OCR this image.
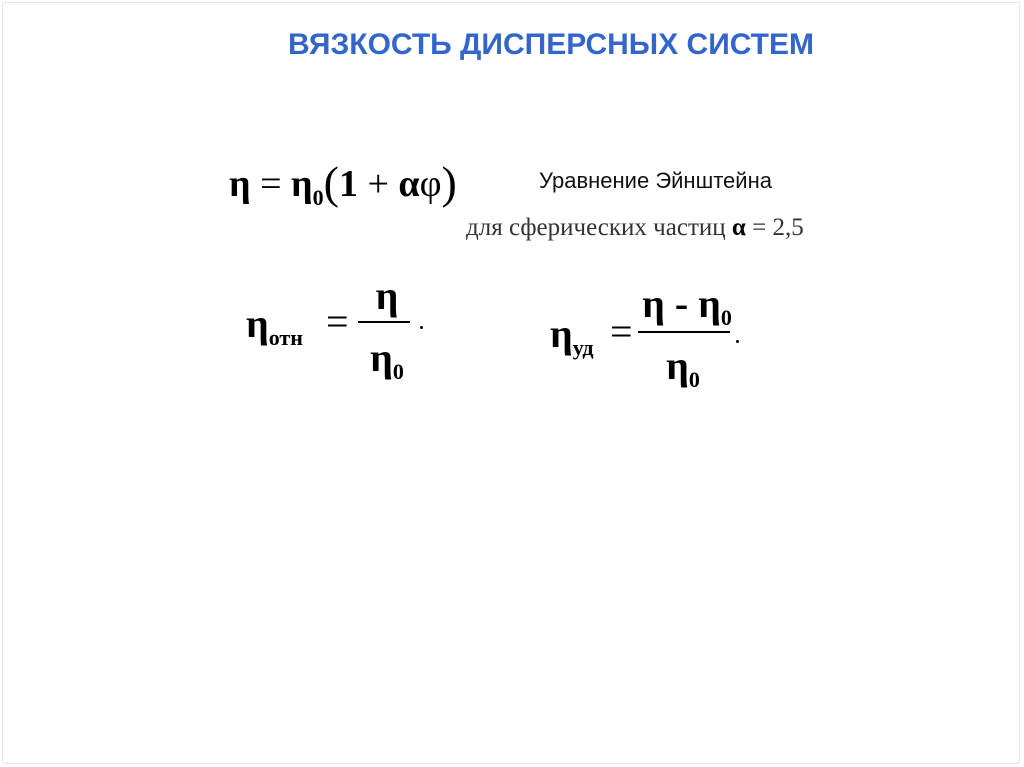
ВЯЗКОСТЬ ДИСПЕРСНЫХ СИСТЕМ
$\eta = \eta_0(1 + \alpha\varphi)$	Уравнение Эйнштейна
для сферических частиц α = 2,5
$\eta_{отн}$ =
η
$\eta_0$
$\eta_{уд}$ =
η - $\eta_0$
$\eta_0$
